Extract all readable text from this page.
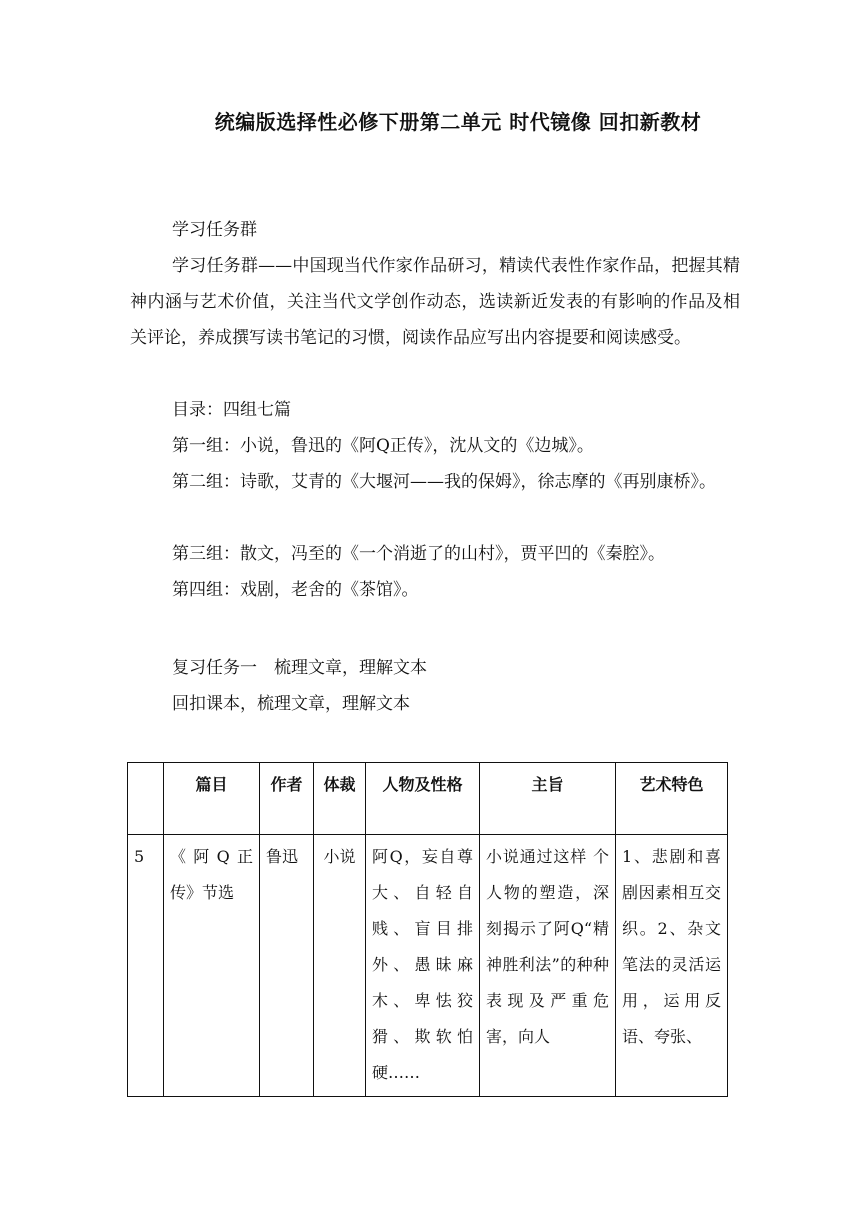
统编版选择性必修下册第二单元 时代镜像 回扣新教材

学习任务群

学习任务群——中国现当代作家作品研习，精读代表性作家作品，把握其精神内涵与艺术价值，关注当代文学创作动态，选读新近发表的有影响的作品及相关评论，养成撰写读书笔记的习惯，阅读作品应写出内容提要和阅读感受。

目录：四组七篇

第一组：小说，鲁迅的《阿Q正传》，沈从文的《边城》。

第二组：诗歌，艾青的《大堰河——我的保姆》，徐志摩的《再别康桥》。

第三组：散文，冯至的《一个消逝了的山村》，贾平凹的《秦腔》。

第四组：戏剧，老舍的《茶馆》。

复习任务一　梳理文章，理解文本

回扣课本，梳理文章，理解文本

	篇目	作者	体裁	人物及性格	主旨	艺术特色
5	《阿Q正传》节选	鲁迅	小说	阿Q，妄自尊大、自轻自贱、盲目排外、愚昧麻木、卑怯狡猾、欺软怕硬……	小说通过这样 个人物的塑造，深刻揭示了阿Q“精神胜利法”的种种表现及严重危害，向人	1、悲剧和喜剧因素相互交织。2、杂文笔法的灵活运用，运用反语、夸张、
